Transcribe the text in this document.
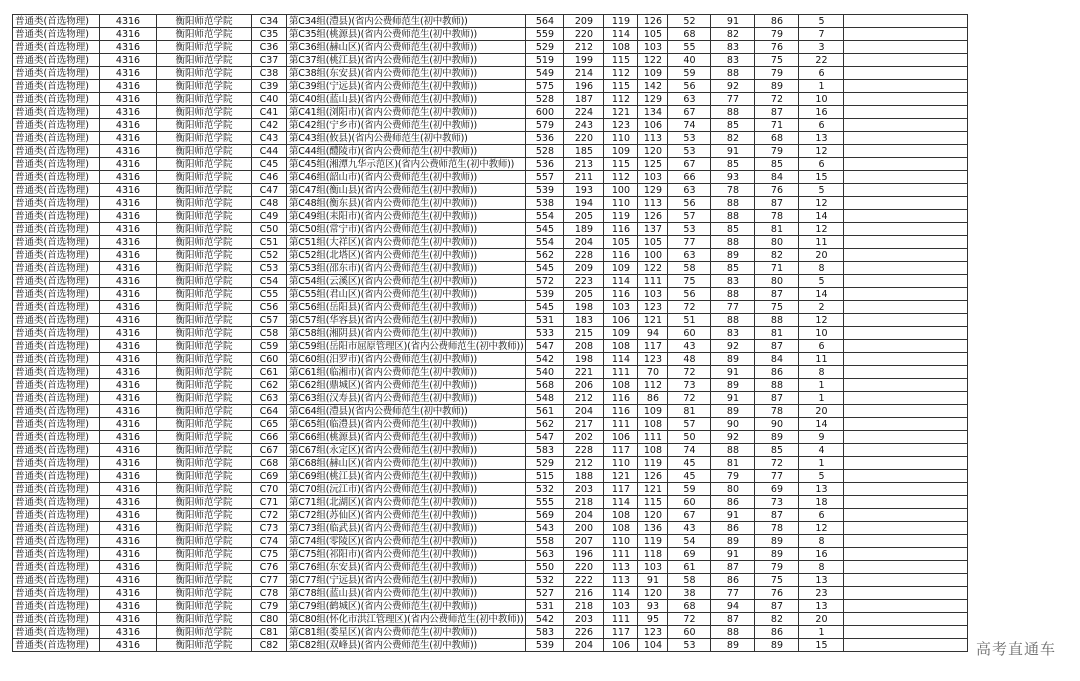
普通类(首选物理)	4316	衡阳师范学院	C34	第C34组(澧县)(省内公费师范生(初中教师))	564	209	119	126	52	91	86	5	
普通类(首选物理)	4316	衡阳师范学院	C35	第C35组(桃源县)(省内公费师范生(初中教师))	559	220	114	105	68	82	79	7	
普通类(首选物理)	4316	衡阳师范学院	C36	第C36组(赫山区)(省内公费师范生(初中教师))	529	212	108	103	55	83	76	3	
普通类(首选物理)	4316	衡阳师范学院	C37	第C37组(桃江县)(省内公费师范生(初中教师))	519	199	115	122	40	83	75	22	
普通类(首选物理)	4316	衡阳师范学院	C38	第C38组(东安县)(省内公费师范生(初中教师))	549	214	112	109	59	88	79	6	
普通类(首选物理)	4316	衡阳师范学院	C39	第C39组(宁远县)(省内公费师范生(初中教师))	575	196	115	142	56	92	89	1	
普通类(首选物理)	4316	衡阳师范学院	C40	第C40组(蓝山县)(省内公费师范生(初中教师))	528	187	112	129	63	77	72	10	
普通类(首选物理)	4316	衡阳师范学院	C41	第C41组(浏阳市)(省内公费师范生(初中教师))	600	224	121	134	67	88	87	16	
普通类(首选物理)	4316	衡阳师范学院	C42	第C42组(宁乡市)(省内公费师范生(初中教师))	579	243	123	106	74	85	71	6	
普通类(首选物理)	4316	衡阳师范学院	C43	第C43组(攸县)(省内公费师范生(初中教师))	536	220	110	113	53	82	68	13	
普通类(首选物理)	4316	衡阳师范学院	C44	第C44组(醴陵市)(省内公费师范生(初中教师))	528	185	109	120	53	91	79	12	
普通类(首选物理)	4316	衡阳师范学院	C45	第C45组(湘潭九华示范区)(省内公费师范生(初中教师))	536	213	115	125	67	85	85	6	
普通类(首选物理)	4316	衡阳师范学院	C46	第C46组(韶山市)(省内公费师范生(初中教师))	557	211	112	103	66	93	84	15	
普通类(首选物理)	4316	衡阳师范学院	C47	第C47组(衡山县)(省内公费师范生(初中教师))	539	193	100	129	63	78	76	5	
普通类(首选物理)	4316	衡阳师范学院	C48	第C48组(衡东县)(省内公费师范生(初中教师))	538	194	110	113	56	88	87	12	
普通类(首选物理)	4316	衡阳师范学院	C49	第C49组(耒阳市)(省内公费师范生(初中教师))	554	205	119	126	57	88	78	14	
普通类(首选物理)	4316	衡阳师范学院	C50	第C50组(常宁市)(省内公费师范生(初中教师))	545	189	116	137	53	85	81	12	
普通类(首选物理)	4316	衡阳师范学院	C51	第C51组(大祥区)(省内公费师范生(初中教师))	554	204	105	105	77	88	80	11	
普通类(首选物理)	4316	衡阳师范学院	C52	第C52组(北塔区)(省内公费师范生(初中教师))	562	228	116	100	63	89	82	20	
普通类(首选物理)	4316	衡阳师范学院	C53	第C53组(邵东市)(省内公费师范生(初中教师))	545	209	109	122	58	85	71	8	
普通类(首选物理)	4316	衡阳师范学院	C54	第C54组(云溪区)(省内公费师范生(初中教师))	572	223	114	111	75	83	80	5	
普通类(首选物理)	4316	衡阳师范学院	C55	第C55组(君山区)(省内公费师范生(初中教师))	539	205	116	103	56	88	87	14	
普通类(首选物理)	4316	衡阳师范学院	C56	第C56组(岳阳县)(省内公费师范生(初中教师))	545	198	103	123	72	77	75	2	
普通类(首选物理)	4316	衡阳师范学院	C57	第C57组(华容县)(省内公费师范生(初中教师))	531	183	106	121	51	88	88	12	
普通类(首选物理)	4316	衡阳师范学院	C58	第C58组(湘阴县)(省内公费师范生(初中教师))	533	215	109	94	60	83	81	10	
普通类(首选物理)	4316	衡阳师范学院	C59	第C59组(岳阳市屈原管理区)(省内公费师范生(初中教师))	547	208	108	117	43	92	87	6	
普通类(首选物理)	4316	衡阳师范学院	C60	第C60组(汨罗市)(省内公费师范生(初中教师))	542	198	114	123	48	89	84	11	
普通类(首选物理)	4316	衡阳师范学院	C61	第C61组(临湘市)(省内公费师范生(初中教师))	540	221	111	70	72	91	86	8	
普通类(首选物理)	4316	衡阳师范学院	C62	第C62组(鼎城区)(省内公费师范生(初中教师))	568	206	108	112	73	89	88	1	
普通类(首选物理)	4316	衡阳师范学院	C63	第C63组(汉寿县)(省内公费师范生(初中教师))	548	212	116	86	72	91	87	1	
普通类(首选物理)	4316	衡阳师范学院	C64	第C64组(澧县)(省内公费师范生(初中教师))	561	204	116	109	81	89	78	20	
普通类(首选物理)	4316	衡阳师范学院	C65	第C65组(临澧县)(省内公费师范生(初中教师))	562	217	111	108	57	90	90	14	
普通类(首选物理)	4316	衡阳师范学院	C66	第C66组(桃源县)(省内公费师范生(初中教师))	547	202	106	111	50	92	89	9	
普通类(首选物理)	4316	衡阳师范学院	C67	第C67组(永定区)(省内公费师范生(初中教师))	583	228	117	108	74	88	85	4	
普通类(首选物理)	4316	衡阳师范学院	C68	第C68组(赫山区)(省内公费师范生(初中教师))	529	212	110	119	45	81	72	1	
普通类(首选物理)	4316	衡阳师范学院	C69	第C69组(桃江县)(省内公费师范生(初中教师))	515	188	121	126	45	79	77	5	
普通类(首选物理)	4316	衡阳师范学院	C70	第C70组(沅江市)(省内公费师范生(初中教师))	532	203	117	121	59	80	69	13	
普通类(首选物理)	4316	衡阳师范学院	C71	第C71组(北湖区)(省内公费师范生(初中教师))	555	218	114	115	60	86	73	18	
普通类(首选物理)	4316	衡阳师范学院	C72	第C72组(苏仙区)(省内公费师范生(初中教师))	569	204	108	120	67	91	87	6	
普通类(首选物理)	4316	衡阳师范学院	C73	第C73组(临武县)(省内公费师范生(初中教师))	543	200	108	136	43	86	78	12	
普通类(首选物理)	4316	衡阳师范学院	C74	第C74组(零陵区)(省内公费师范生(初中教师))	558	207	110	119	54	89	89	8	
普通类(首选物理)	4316	衡阳师范学院	C75	第C75组(祁阳市)(省内公费师范生(初中教师))	563	196	111	118	69	91	89	16	
普通类(首选物理)	4316	衡阳师范学院	C76	第C76组(东安县)(省内公费师范生(初中教师))	550	220	113	103	61	87	79	8	
普通类(首选物理)	4316	衡阳师范学院	C77	第C77组(宁远县)(省内公费师范生(初中教师))	532	222	113	91	58	86	75	13	
普通类(首选物理)	4316	衡阳师范学院	C78	第C78组(蓝山县)(省内公费师范生(初中教师))	527	216	114	120	38	77	76	23	
普通类(首选物理)	4316	衡阳师范学院	C79	第C79组(鹤城区)(省内公费师范生(初中教师))	531	218	103	93	68	94	87	13	
普通类(首选物理)	4316	衡阳师范学院	C80	第C80组(怀化市洪江管理区)(省内公费师范生(初中教师))	542	203	111	95	72	87	82	20	
普通类(首选物理)	4316	衡阳师范学院	C81	第C81组(娄星区)(省内公费师范生(初中教师))	583	226	117	123	60	88	86	1	
普通类(首选物理)	4316	衡阳师范学院	C82	第C82组(双峰县)(省内公费师范生(初中教师))	539	204	106	104	53	89	89	15		高考直通车
